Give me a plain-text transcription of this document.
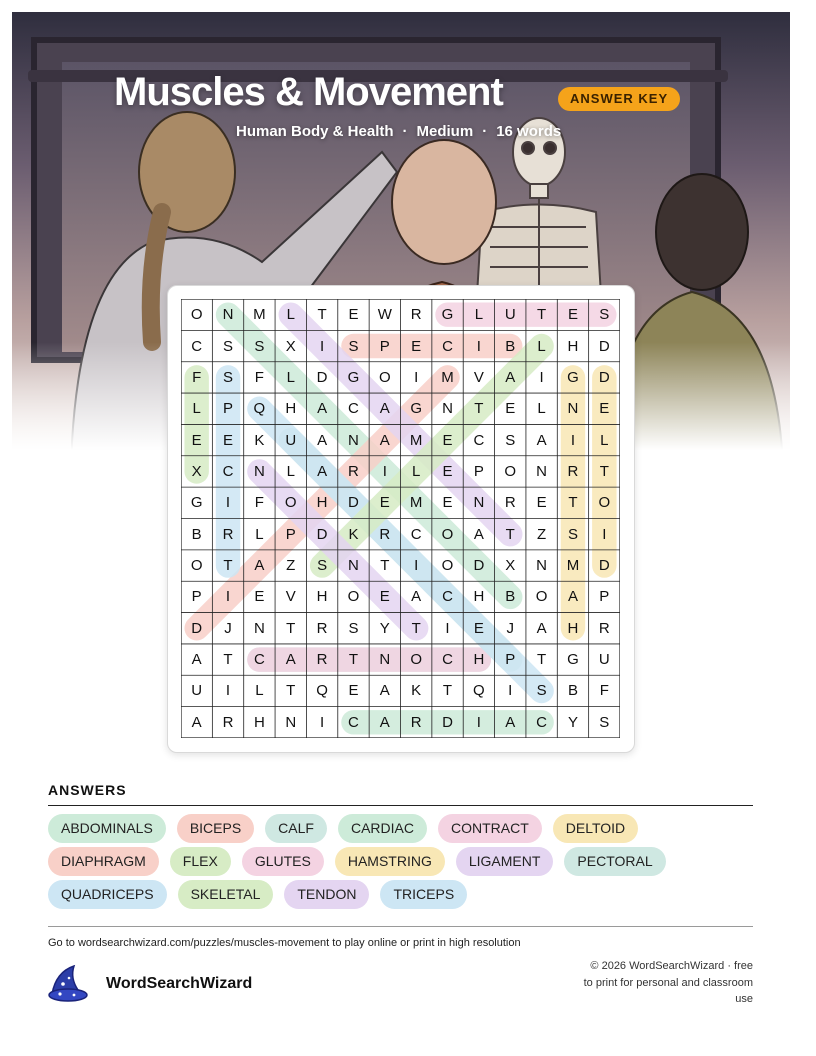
Muscles & Movement	ANSWER KEY
Human Body & Health · Medium · 16 words
O	N	M	L	T	E	W	R	G	L	U	T	E	S
C	S	S	X	I	S	P	E	C	I	B	L	H	D
F	S	F	L	D	G	O	I	M	V	A	I	G	D
L	P	Q	H	A	C	A	G	N	T	E	L	N	E
E	E	K	U	A	N	A	M	E	C	S	A	I	L
X	C	N	L	A	R	I	L	E	P	O	N	R	T
G	I	F	O	H	D	E	M	E	N	R	E	T	O
B	R	L	P	D	K	R	C	O	A	T	Z	S	I
O	T	A	Z	S	N	T	I	O	D	X	N	M	D
P	I	E	V	H	O	E	A	C	H	B	O	A	P
D	J	N	T	R	S	Y	T	I	E	J	A	H	R
A	T	C	A	R	T	N	O	C	H	P	T	G	U
U	I	L	T	Q	E	A	K	T	Q	I	S	B	F
A	R	H	N	I	C	A	R	D	I	A	C	Y	S
ANSWERS
ABDOMINALS	BICEPS	CALF	CARDIAC	CONTRACT	DELTOID
DIAPHRAGM	FLEX	GLUTES	HAMSTRING	LIGAMENT	PECTORAL
QUADRICEPS	SKELETAL	TENDON	TRICEPS
Go to wordsearchwizard.com/puzzles/muscles-movement to play online or print in high resolution
WordSearchWizard
© 2026 WordSearchWizard · free to print for personal and classroom use
